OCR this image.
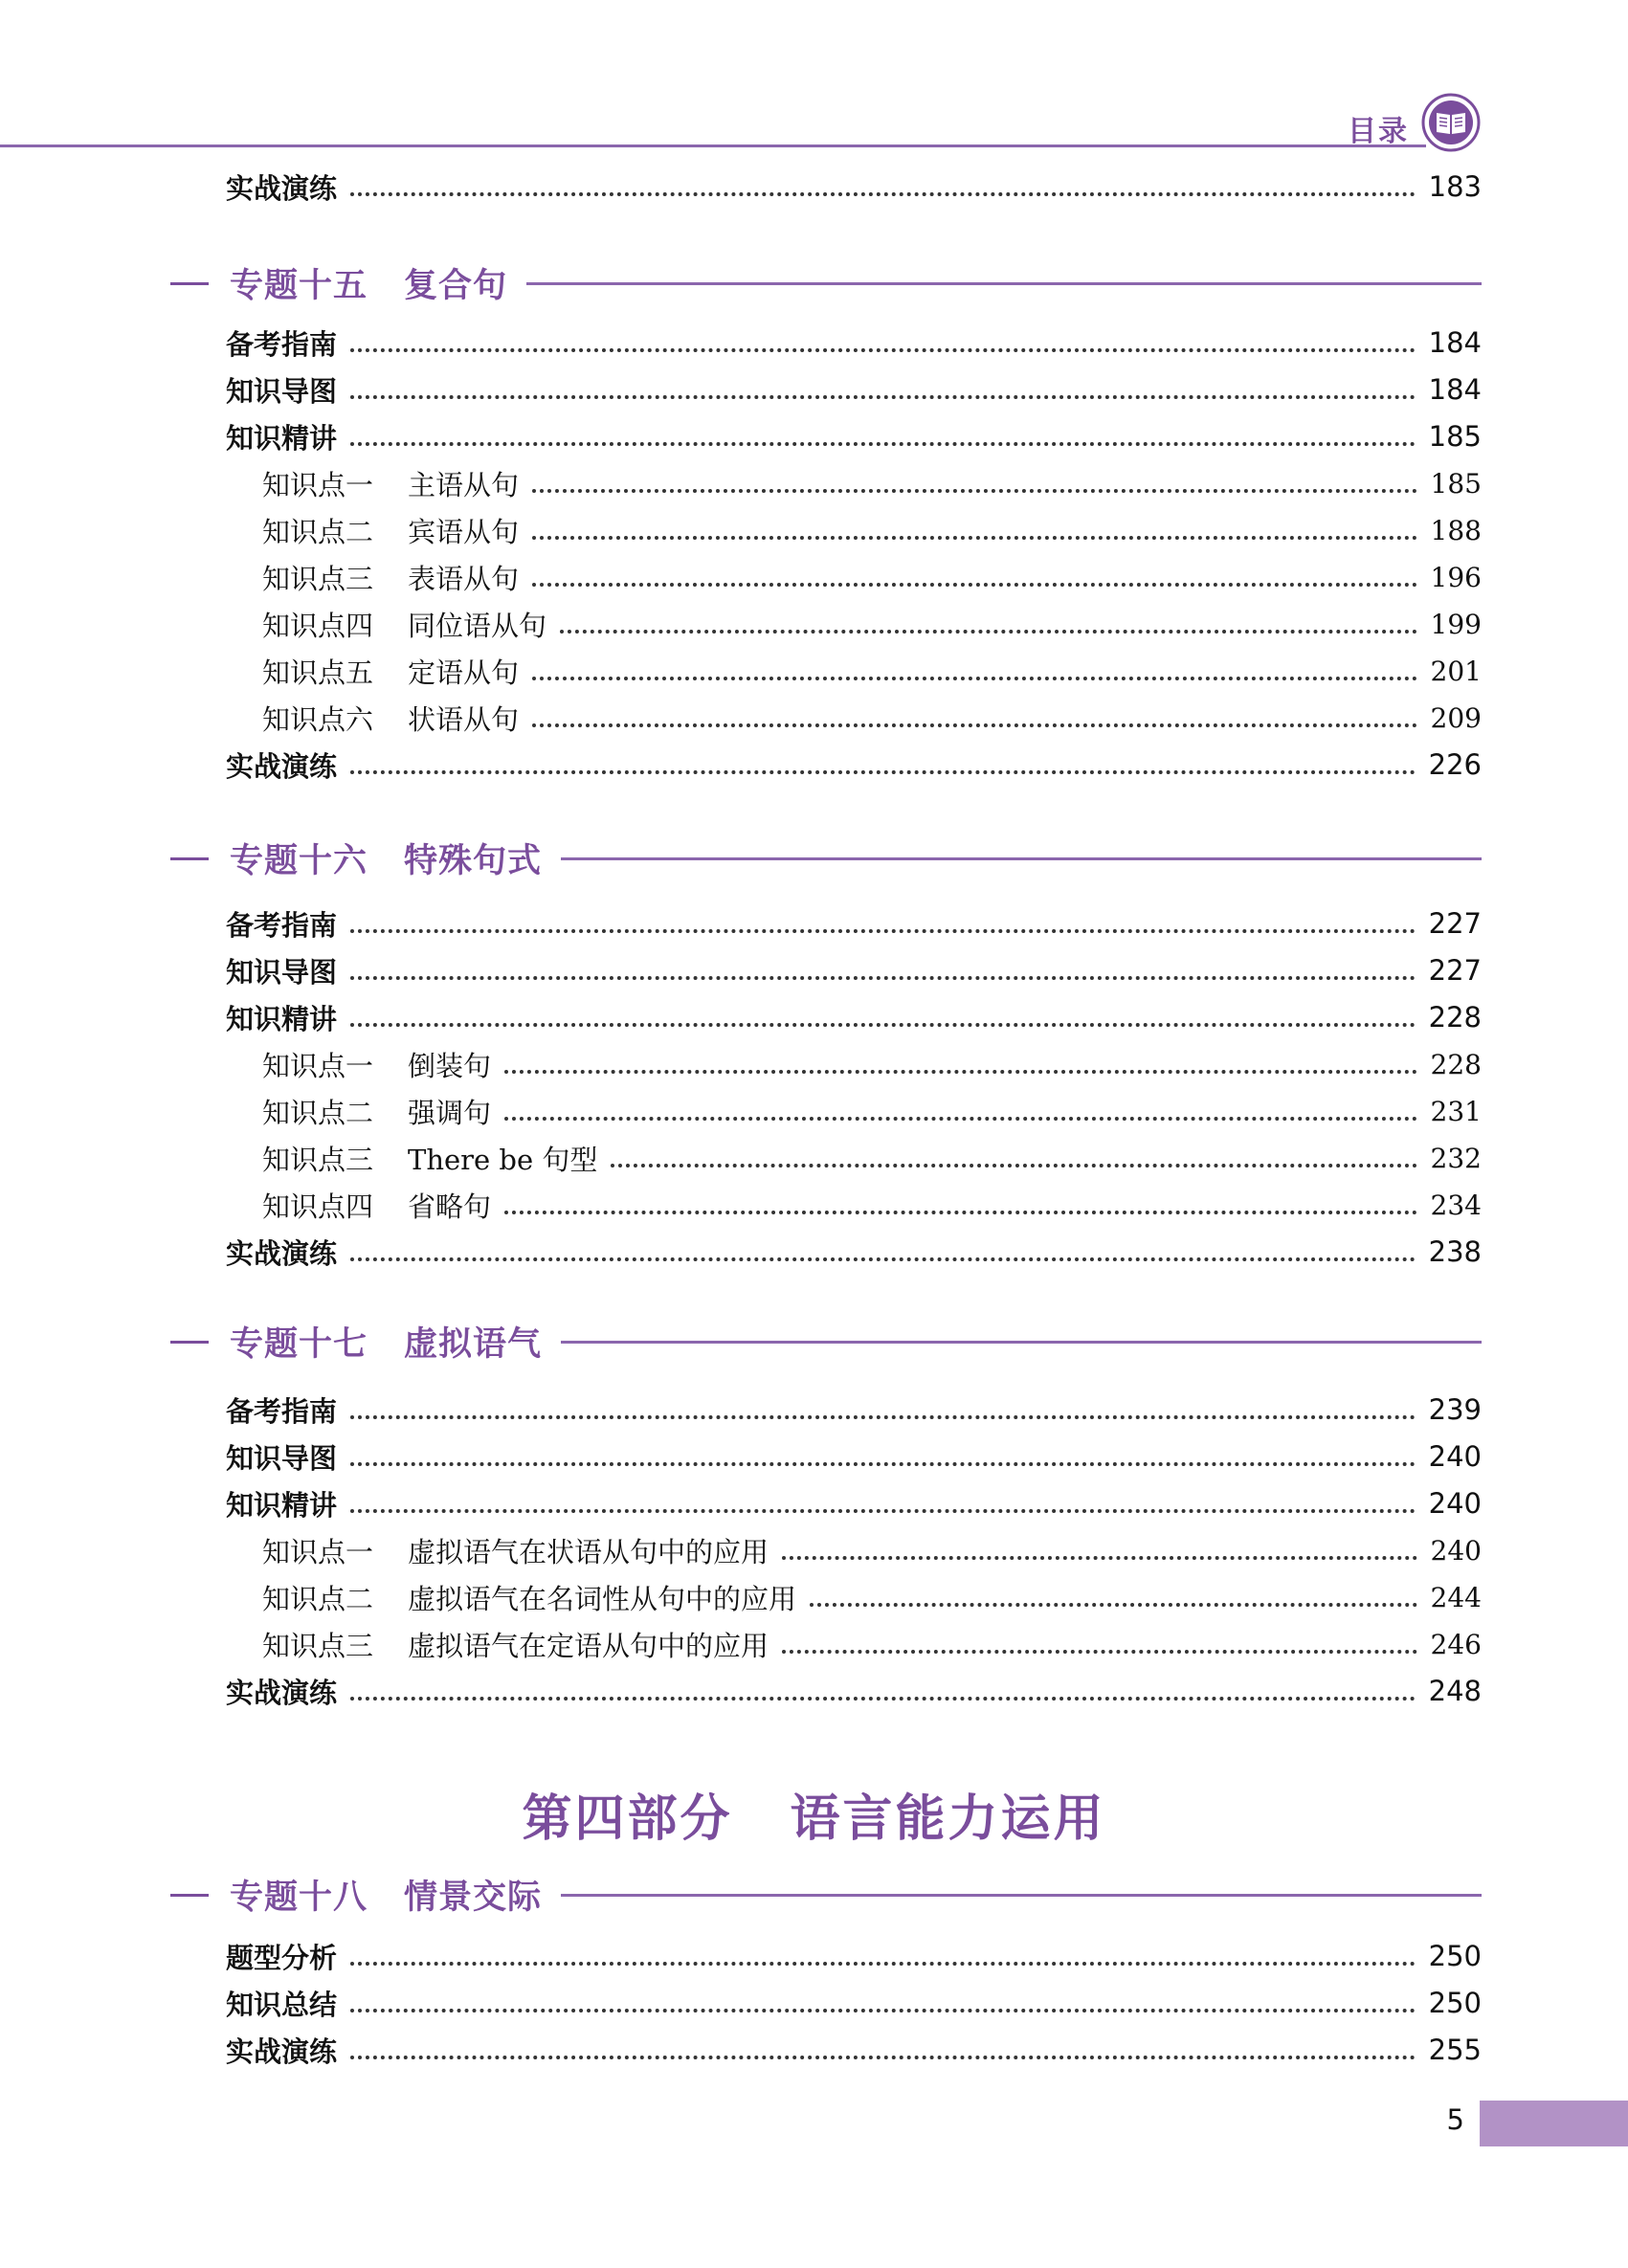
目录
实战演练	183
专题十五 复合句
备考指南	184
知识导图	184
知识精讲	185
知识点一 主语从句	185
知识点二 宾语从句	188
知识点三 表语从句	196
知识点四 同位语从句	199
知识点五 定语从句	201
知识点六 状语从句	209
实战演练	226
专题十六 特殊句式
备考指南	227
知识导图	227
知识精讲	228
知识点一 倒装句	228
知识点二 强调句	231
知识点三 There be 句型	232
知识点四 省略句	234
实战演练	238
专题十七 虚拟语气
备考指南	239
知识导图	240
知识精讲	240
知识点一 虚拟语气在状语从句中的应用	240
知识点二 虚拟语气在名词性从句中的应用	244
知识点三 虚拟语气在定语从句中的应用	246
实战演练	248
第四部分 语言能力运用
专题十八 情景交际
题型分析	250
知识总结	250
实战演练	255
5
